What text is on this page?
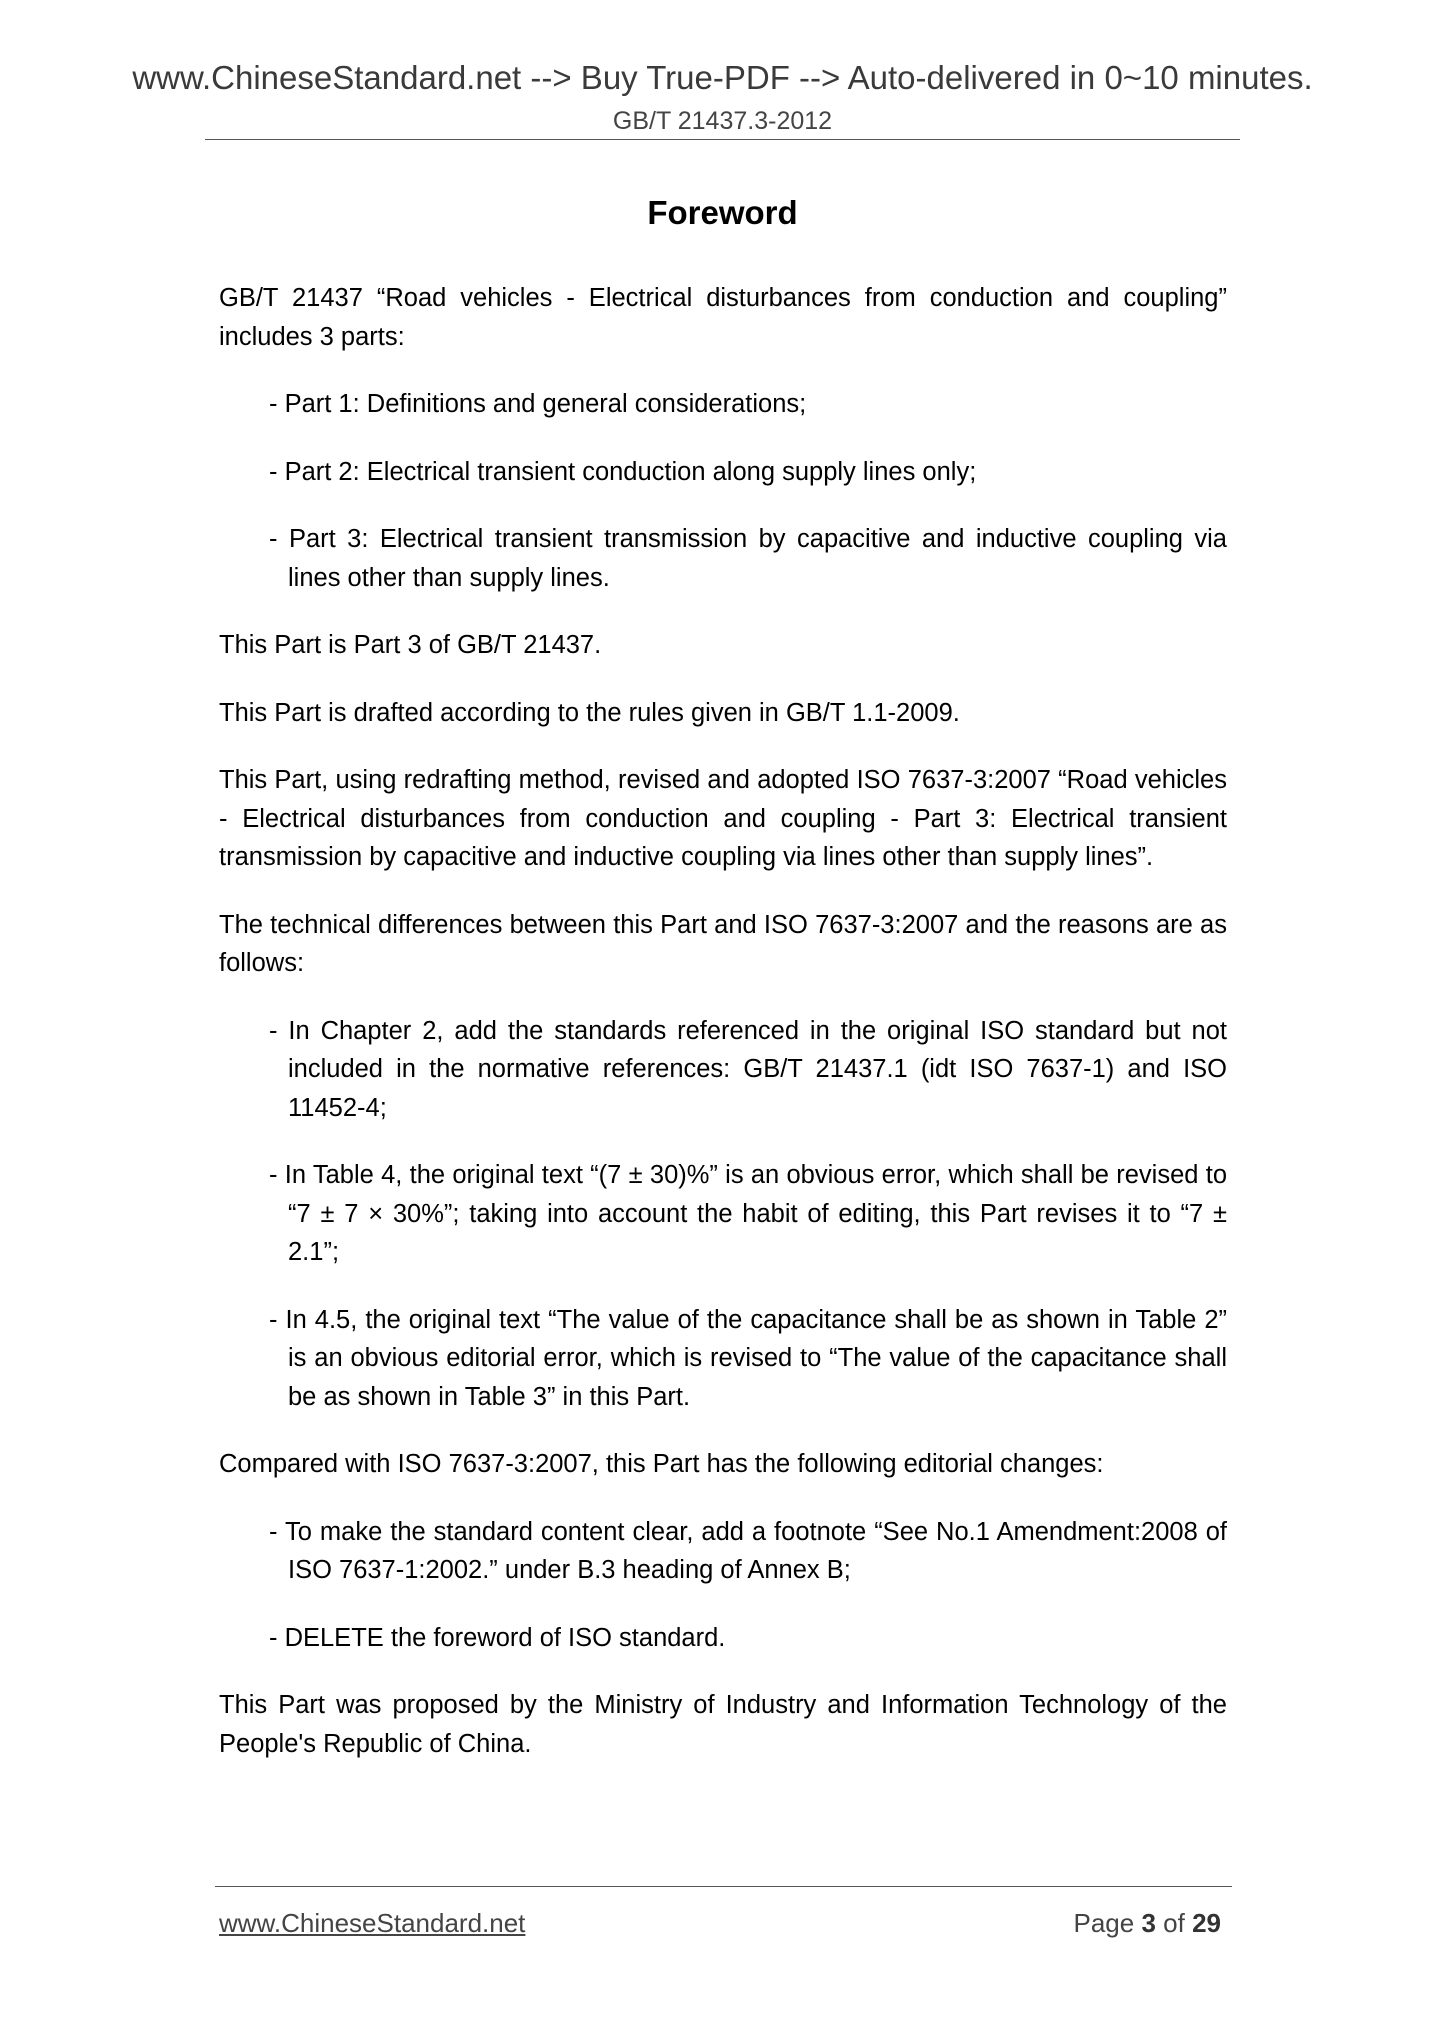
www.ChineseStandard.net --> Buy True-PDF --> Auto-delivered in 0~10 minutes.
GB/T 21437.3-2012
Foreword

GB/T 21437 “Road vehicles - Electrical disturbances from conduction and coupling” includes 3 parts:

- Part 1: Definitions and general considerations;

- Part 2: Electrical transient conduction along supply lines only;

- Part 3: Electrical transient transmission by capacitive and inductive coupling via lines other than supply lines.

This Part is Part 3 of GB/T 21437.

This Part is drafted according to the rules given in GB/T 1.1-2009.

This Part, using redrafting method, revised and adopted ISO 7637-3:2007 “Road vehicles - Electrical disturbances from conduction and coupling - Part 3: Electrical transient transmission by capacitive and inductive coupling via lines other than supply lines”.

The technical differences between this Part and ISO 7637-3:2007 and the reasons are as follows:

- In Chapter 2, add the standards referenced in the original ISO standard but not included in the normative references: GB/T 21437.1 (idt ISO 7637-1) and ISO 11452-4;

- In Table 4, the original text “(7 ± 30)%” is an obvious error, which shall be revised to “7 ± 7 × 30%”; taking into account the habit of editing, this Part revises it to “7 ± 2.1”;

- In 4.5, the original text “The value of the capacitance shall be as shown in Table 2” is an obvious editorial error, which is revised to “The value of the capacitance shall be as shown in Table 3” in this Part.

Compared with ISO 7637-3:2007, this Part has the following editorial changes:

- To make the standard content clear, add a footnote “See No.1 Amendment:2008 of ISO 7637-1:2002.” under B.3 heading of Annex B;

- DELETE the foreword of ISO standard.

This Part was proposed by the Ministry of Industry and Information Technology of the People's Republic of China.

www.ChineseStandard.net	Page 3 of 29
